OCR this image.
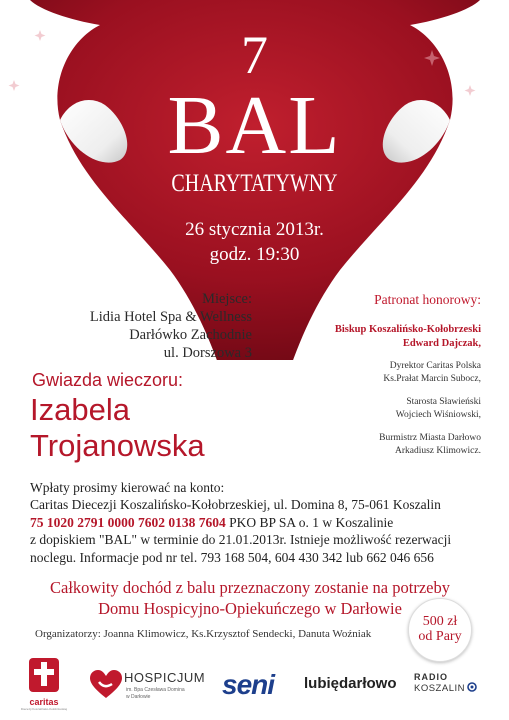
7
BAL
CHARYTATYWNY
26 stycznia 2013r.
godz. 19:30
Miejsce:
Lidia Hotel Spa & Wellness
Darłówko Zachodnie
ul. Dorszowa 3
Gwiazda wieczoru:
Izabela
Trojanowska
Patronat honorowy:
Biskup Koszalińsko-Kołobrzeski
Edward Dajczak,
Dyrektor Caritas Polska
Ks.Prałat Marcin Subocz,
Starosta Sławieński
Wojciech Wiśniowski,
Burmistrz Miasta Darłowo
Arkadiusz Klimowicz.
Wpłaty prosimy kierować na konto:
Caritas Diecezji Koszalińsko-Kołobrzeskiej, ul. Domina 8, 75-061 Koszalin
75 1020 2791 0000 7602 0138 7604 PKO BP SA o. 1 w Koszalinie
z dopiskiem "BAL" w terminie do 21.01.2013r. Istnieje możliwość rezerwacji
noclegu. Informacje pod nr tel. 793 168 504, 604 430 342 lub 662 046 656
Całkowity dochód z balu przeznaczony zostanie na potrzeby
Domu Hospicyjno-Opiekuńczego w Darłowie
Organizatorzy: Joanna Klimowicz, Ks.Krzysztof Sendecki, Danuta Woźniak
500 zł
od Pary
caritas
Diecezji Koszalińsko-Kołobrzeskiej
HOSPICJUM
im. Bpa Czesława Domina
w Darłowie	seni lubiędarłowo RADIO
KOSZALIN
